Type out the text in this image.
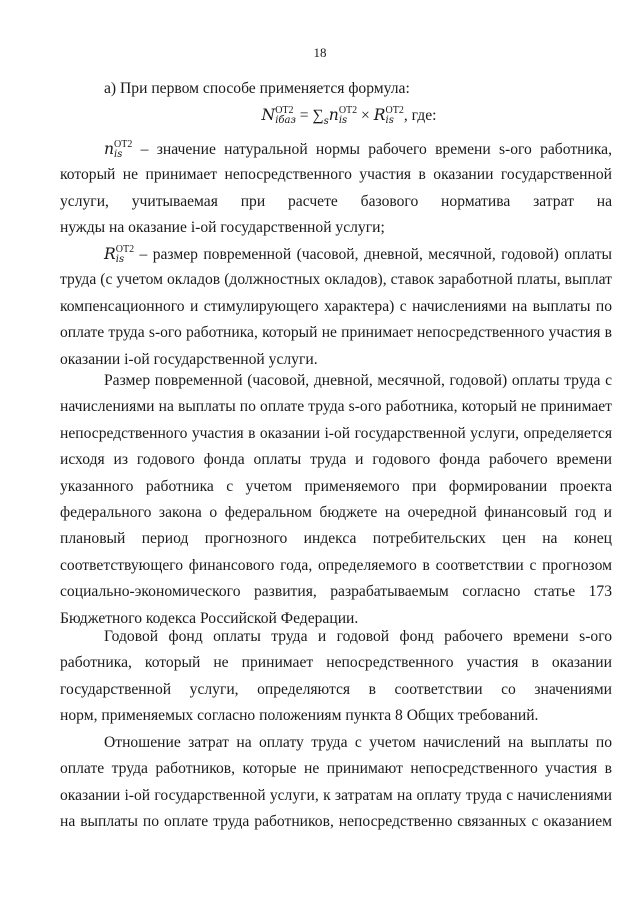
18
а) При первом способе применяется формула:
N ОТ2
iбаз = $\sum_sn$ ОТ2
is × R ОТ2
is , где:
n ОТ2
is – значение натуральной нормы рабочего времени s-ого работника,
который не принимает непосредственного участия в оказании государственной
услуги, учитываемая при расчете базового норматива затрат на
нужды на оказание i-ой государственной услуги;
R ОТ2
is – размер повременной (часовой, дневной, месячной, годовой) оплаты
труда (с учетом окладов (должностных окладов), ставок заработной платы, выплат
компенсационного и стимулирующего характера) с начислениями на выплаты по
оплате труда s-ого работника, который не принимает непосредственного участия в
оказании i-ой государственной услуги.
Размер повременной (часовой, дневной, месячной, годовой) оплаты труда с
начислениями на выплаты по оплате труда s-ого работника, который не принимает
непосредственного участия в оказании i-ой государственной услуги, определяется
исходя из годового фонда оплаты труда и годового фонда рабочего времени
указанного работника с учетом применяемого при формировании проекта
федерального закона о федеральном бюджете на очередной финансовый год и
плановый период прогнозного индекса потребительских цен на конец
соответствующего финансового года, определяемого в соответствии с прогнозом
социально-экономического развития, разрабатываемым согласно статье 173
Бюджетного кодекса Российской Федерации.
Годовой фонд оплаты труда и годовой фонд рабочего времени s-ого
работника, который не принимает непосредственного участия в оказании
государственной услуги, определяются в соответствии со значениями
норм, применяемых согласно положениям пункта 8 Общих требований.
Отношение затрат на оплату труда с учетом начислений на выплаты по
оплате труда работников, которые не принимают непосредственного участия в
оказании i-ой государственной услуги, к затратам на оплату труда с начислениями
на выплаты по оплате труда работников, непосредственно связанных с оказанием
